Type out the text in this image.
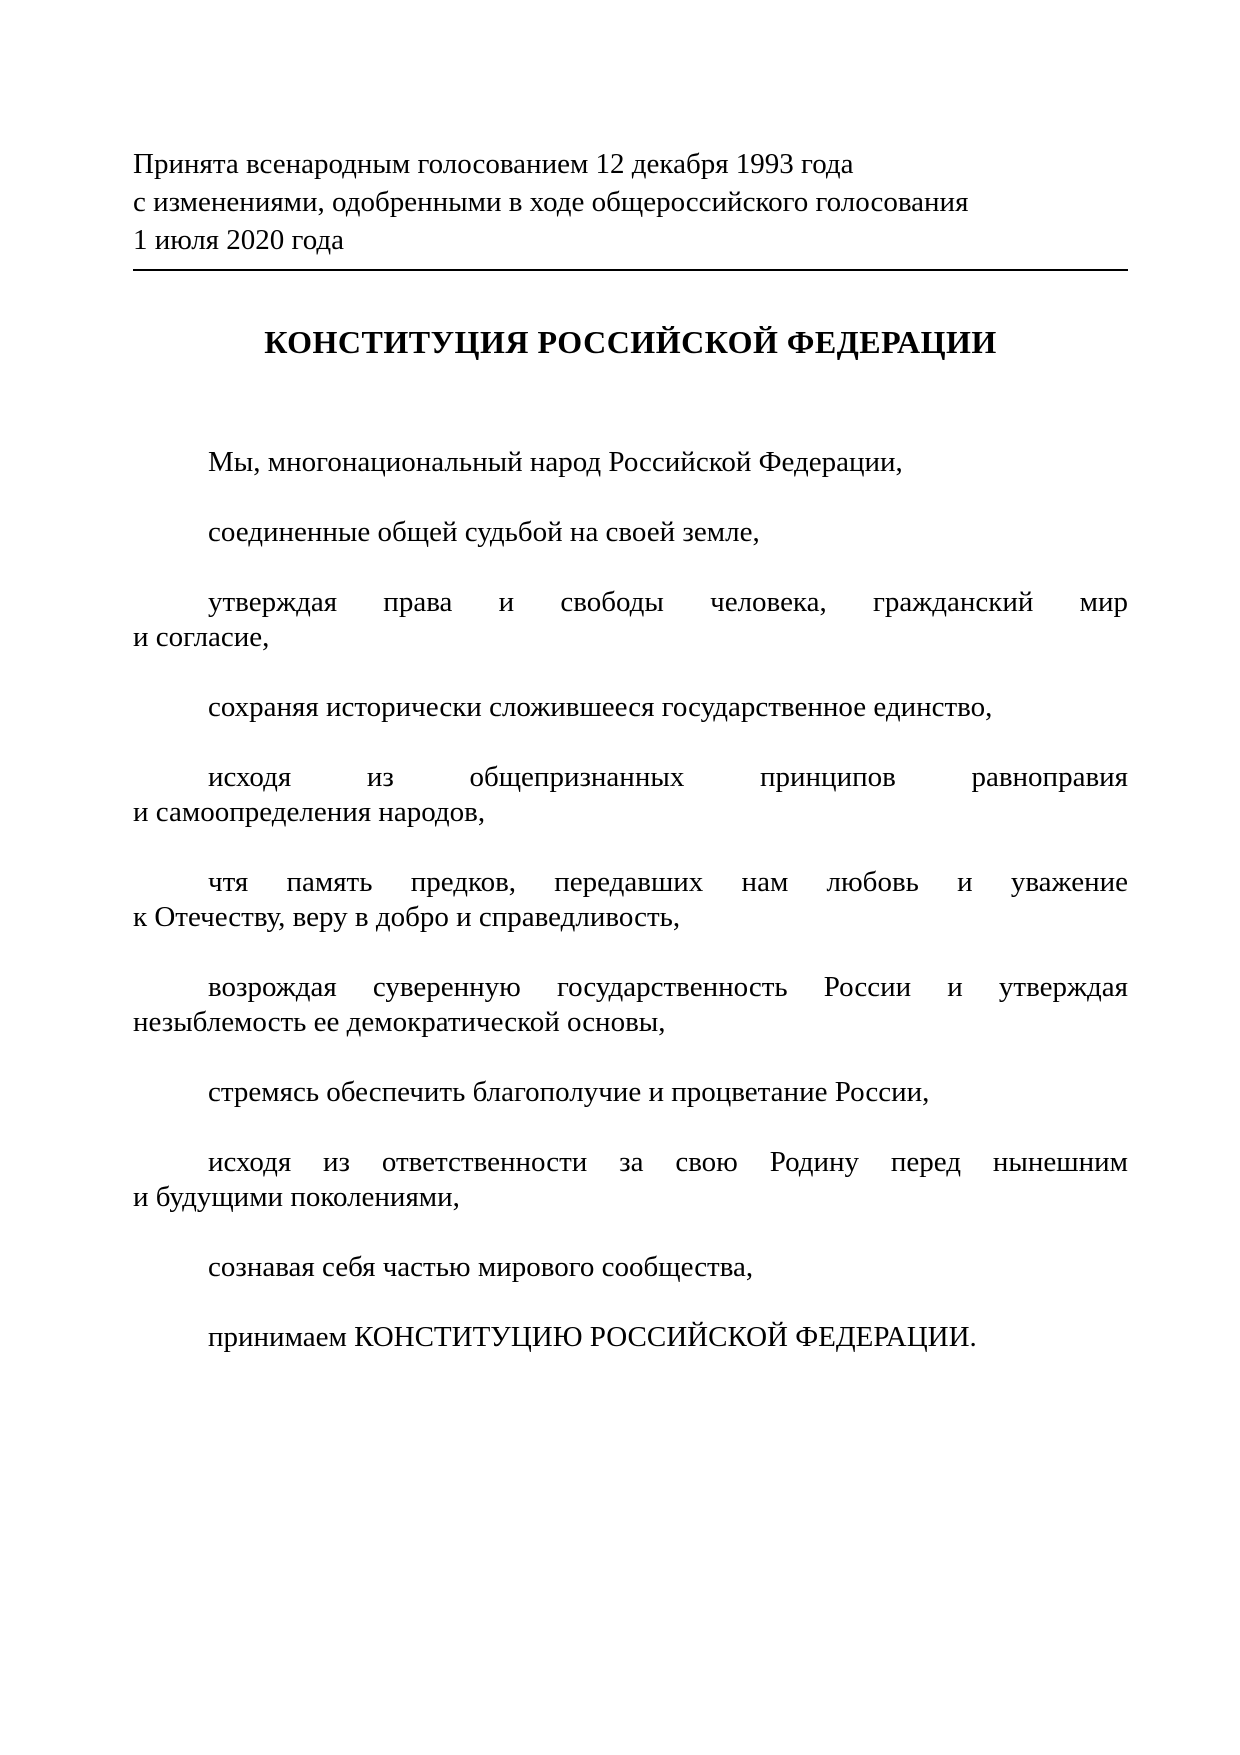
Принята всенародным голосованием 12 декабря 1993 года
с изменениями, одобренными в ходе общероссийского голосования
1 июля 2020 года
КОНСТИТУЦИЯ РОССИЙСКОЙ ФЕДЕРАЦИИ

Мы, многонациональный народ Российской Федерации,

соединенные общей судьбой на своей земле,

утверждая права и свободы человека, гражданский мир
и согласие,

сохраняя исторически сложившееся государственное единство,

исходя из общепризнанных принципов равноправия
и самоопределения народов,

чтя память предков, передавших нам любовь и уважение
к Отечеству, веру в добро и справедливость,

возрождая суверенную государственность России и утверждая
незыблемость ее демократической основы,

стремясь обеспечить благополучие и процветание России,

исходя из ответственности за свою Родину перед нынешним
и будущими поколениями,

сознавая себя частью мирового сообщества,

принимаем КОНСТИТУЦИЮ РОССИЙСКОЙ ФЕДЕРАЦИИ.
